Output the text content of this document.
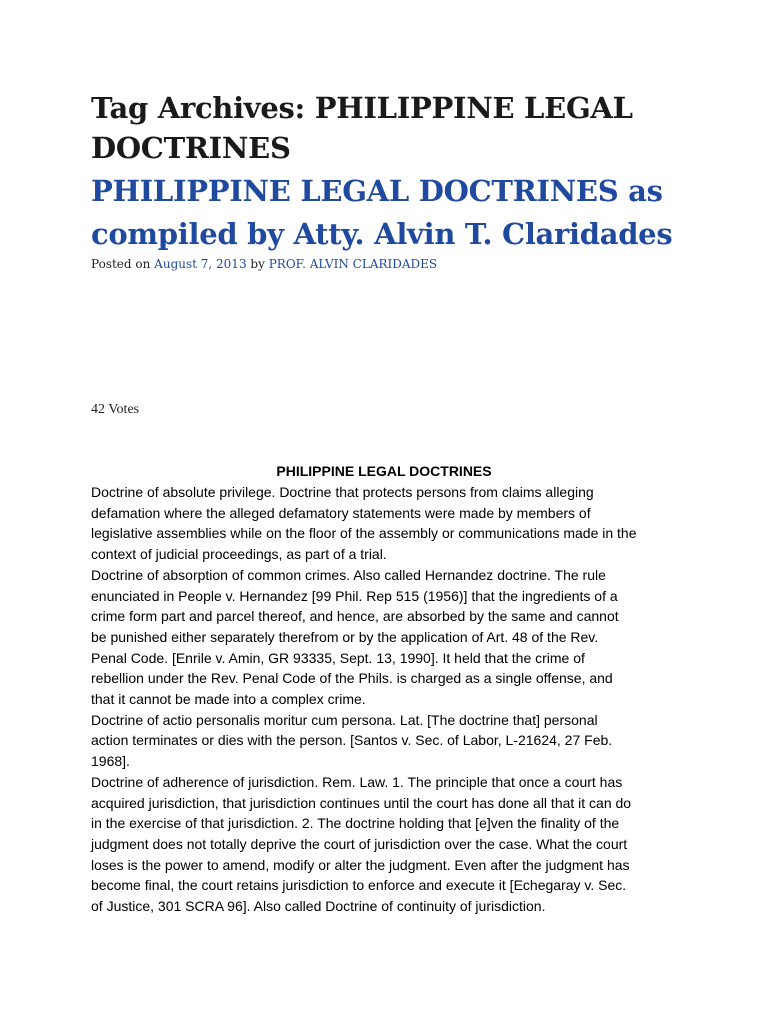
Tag Archives: PHILIPPINE LEGAL
DOCTRINES
PHILIPPINE LEGAL DOCTRINES as
compiled by Atty. Alvin T. Claridades
Posted on August 7, 2013 by PROF. ALVIN CLARIDADES
42 Votes
PHILIPPINE LEGAL DOCTRINES

Doctrine of absolute privilege. Doctrine that protects persons from claims alleging
defamation where the alleged defamatory statements were made by members of
legislative assemblies while on the floor of the assembly or communications made in the
context of judicial proceedings, as part of a trial.

Doctrine of absorption of common crimes. Also called Hernandez doctrine. The rule
enunciated in People v. Hernandez [99 Phil. Rep 515 (1956)] that the ingredients of a
crime form part and parcel thereof, and hence, are absorbed by the same and cannot
be punished either separately therefrom or by the application of Art. 48 of the Rev.
Penal Code. [Enrile v. Amin, GR 93335, Sept. 13, 1990]. It held that the crime of
rebellion under the Rev. Penal Code of the Phils. is charged as a single offense, and
that it cannot be made into a complex crime.

Doctrine of actio personalis moritur cum persona. Lat. [The doctrine that] personal
action terminates or dies with the person. [Santos v. Sec. of Labor, L-21624, 27 Feb.
1968].

Doctrine of adherence of jurisdiction. Rem. Law. 1. The principle that once a court has
acquired jurisdiction, that jurisdiction continues until the court has done all that it can do
in the exercise of that jurisdiction. 2. The doctrine holding that [e]ven the finality of the
judgment does not totally deprive the court of jurisdiction over the case. What the court
loses is the power to amend, modify or alter the judgment. Even after the judgment has
become final, the court retains jurisdiction to enforce and execute it [Echegaray v. Sec.
of Justice, 301 SCRA 96]. Also called Doctrine of continuity of jurisdiction.
